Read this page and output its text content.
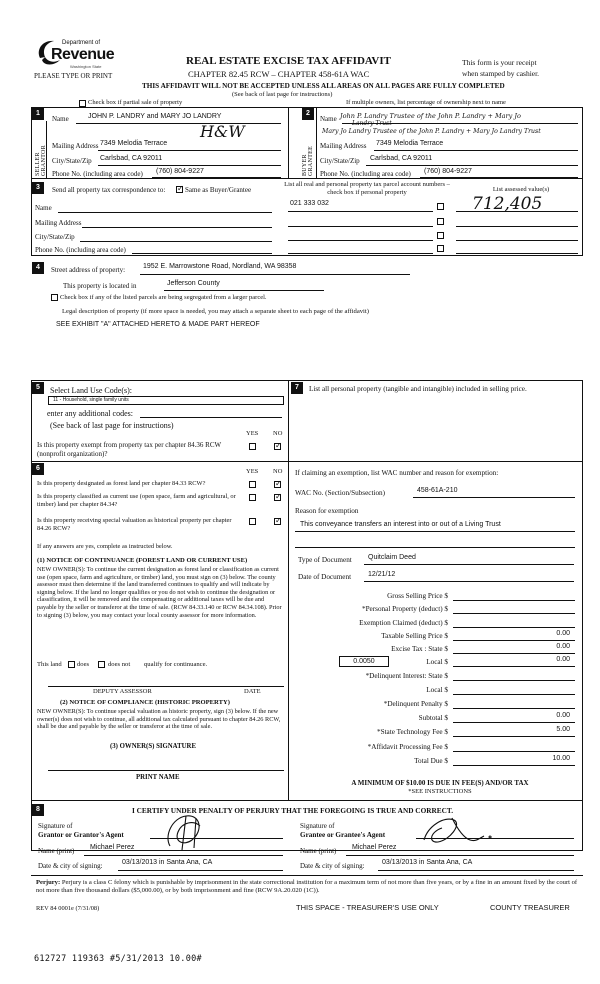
Department of
Revenue
Washington State
PLEASE TYPE OR PRINT
REAL ESTATE EXCISE TAX AFFIDAVIT
CHAPTER 82.45 RCW – CHAPTER 458-61A WAC
THIS AFFIDAVIT WILL NOT BE ACCEPTED UNLESS ALL AREAS ON ALL PAGES ARE FULLY COMPLETED
(See back of last page for instructions)
This form is your receipt
when stamped by cashier.
Check box if partial sale of property	If multiple owners, list percentage of ownership next to name
1
SELLER GRANTOR
Name	JOHN P. LANDRY and MARY JO LANDRY
H&W
Mailing Address 7349 Melodia Terrace
City/State/Zip Carlsbad, CA 92011
Phone No. (including area code) (760) 804-9227
2
BUYER GRANTEE
Name John P. Landry Trustee of the John P. Landry + Mary Jo
Landry Trust
Mary Jo Landry Trustee of the John P. Landry + Mary Jo Landry Trust
Mailing Address 7349 Melodia Terrace
City/State/Zip Carlsbad, CA 92011
Phone No. (including area code) (760) 804-9227
3	Send all property tax correspondence to:
✓	Same as Buyer/Grantee
Name
Mailing Address
City/State/Zip
Phone No. (including area code)
List all real and personal property tax parcel account numbers – check box if personal property	List assessed value(s)
021 333 032	712,405
4	Street address of property:	1952 E. Marrowstone Road, Nordland, WA 98358
This property is located in	Jefferson County
Check box if any of the listed parcels are being segregated from a larger parcel.
Legal description of property (if more space is needed, you may attach a separate sheet to each page of the affidavit)
SEE EXHIBIT "A" ATTACHED HERETO & MADE PART HEREOF
5	Select Land Use Code(s):
11 - Household, single family units
enter any additional codes:
(See back of last page for instructions)
YES NO
Is this property exempt from property tax per chapter 84.36 RCW (nonprofit organization)?
✓
6	YES NO
Is this property designated as forest land per chapter 84.33 RCW?
✓
Is this property classified as current use (open space, farm and agricultural, or timber) land per chapter 84.34?
✓
Is this property receiving special valuation as historical property per chapter 84.26 RCW?
✓
If any answers are yes, complete as instructed below.
(1) NOTICE OF CONTINUANCE (FOREST LAND OR CURRENT USE)
NEW OWNER(S): To continue the current designation as forest land or classification as current use (open space, farm and agriculture, or timber) land, you must sign on (3) below. The county assessor must then determine if the land transferred continues to qualify and will indicate by signing below. If the land no longer qualifies or you do not wish to continue the designation or classification, it will be removed and the compensating or additional taxes will be due and payable by the seller or transferor at the time of sale. (RCW 84.33.140 or RCW 84.34.108). Prior to signing (3) below, you may contact your local county assessor for more information.
This land does	does not qualify for continuance.
DEPUTY ASSESSOR	DATE
(2) NOTICE OF COMPLIANCE (HISTORIC PROPERTY)
NEW OWNER(S): To continue special valuation as historic property, sign (3) below. If the new owner(s) does not wish to continue, all additional tax calculated pursuant to chapter 84.26 RCW, shall be due and payable by the seller or transferor at the time of sale.
(3) OWNER(S) SIGNATURE
PRINT NAME
7	List all personal property (tangible and intangible) included in selling price.
If claiming an exemption, list WAC number and reason for exemption:
WAC No. (Section/Subsection)	458-61A-210
Reason for exemption
This conveyance transfers an interest into or out of a Living Trust
Type of Document Quitclaim Deed
Date of Document 12/21/12
Gross Selling Price $
*Personal Property (deduct) $
Exemption Claimed (deduct) $
Taxable Selling Price $	0.00
Excise Tax : State $	0.00
0.0050	Local $	0.00
*Delinquent Interest: State $
Local $
*Delinquent Penalty $
Subtotal $	0.00
*State Technology Fee $	5.00
*Affidavit Processing Fee $
Total Due $	10.00
A MINIMUM OF $10.00 IS DUE IN FEE(S) AND/OR TAX
*SEE INSTRUCTIONS
8	I CERTIFY UNDER PENALTY OF PERJURY THAT THE FOREGOING IS TRUE AND CORRECT.
Signature of
Grantor or Grantor's Agent
Signature of
Grantee or Grantee's Agent
Name (print) Michael Perez	Name (print) Michael Perez
Date & city of signing:	03/13/2013 in Santa Ana, CA	Date & city of signing: 03/13/2013 in Santa Ana, CA
Perjury: Perjury is a class C felony which is punishable by imprisonment in the state correctional institution for a maximum term of not more than five years, or by a fine in an amount fixed by the court of not more than five thousand dollars ($5,000.00), or by both imprisonment and fine (RCW 9A.20.020 (1C)).
REV 84 0001e (7/31/08)	THIS SPACE - TREASURER'S USE ONLY	COUNTY TREASURER
612727 119363 #5/31/2013 10.00#
